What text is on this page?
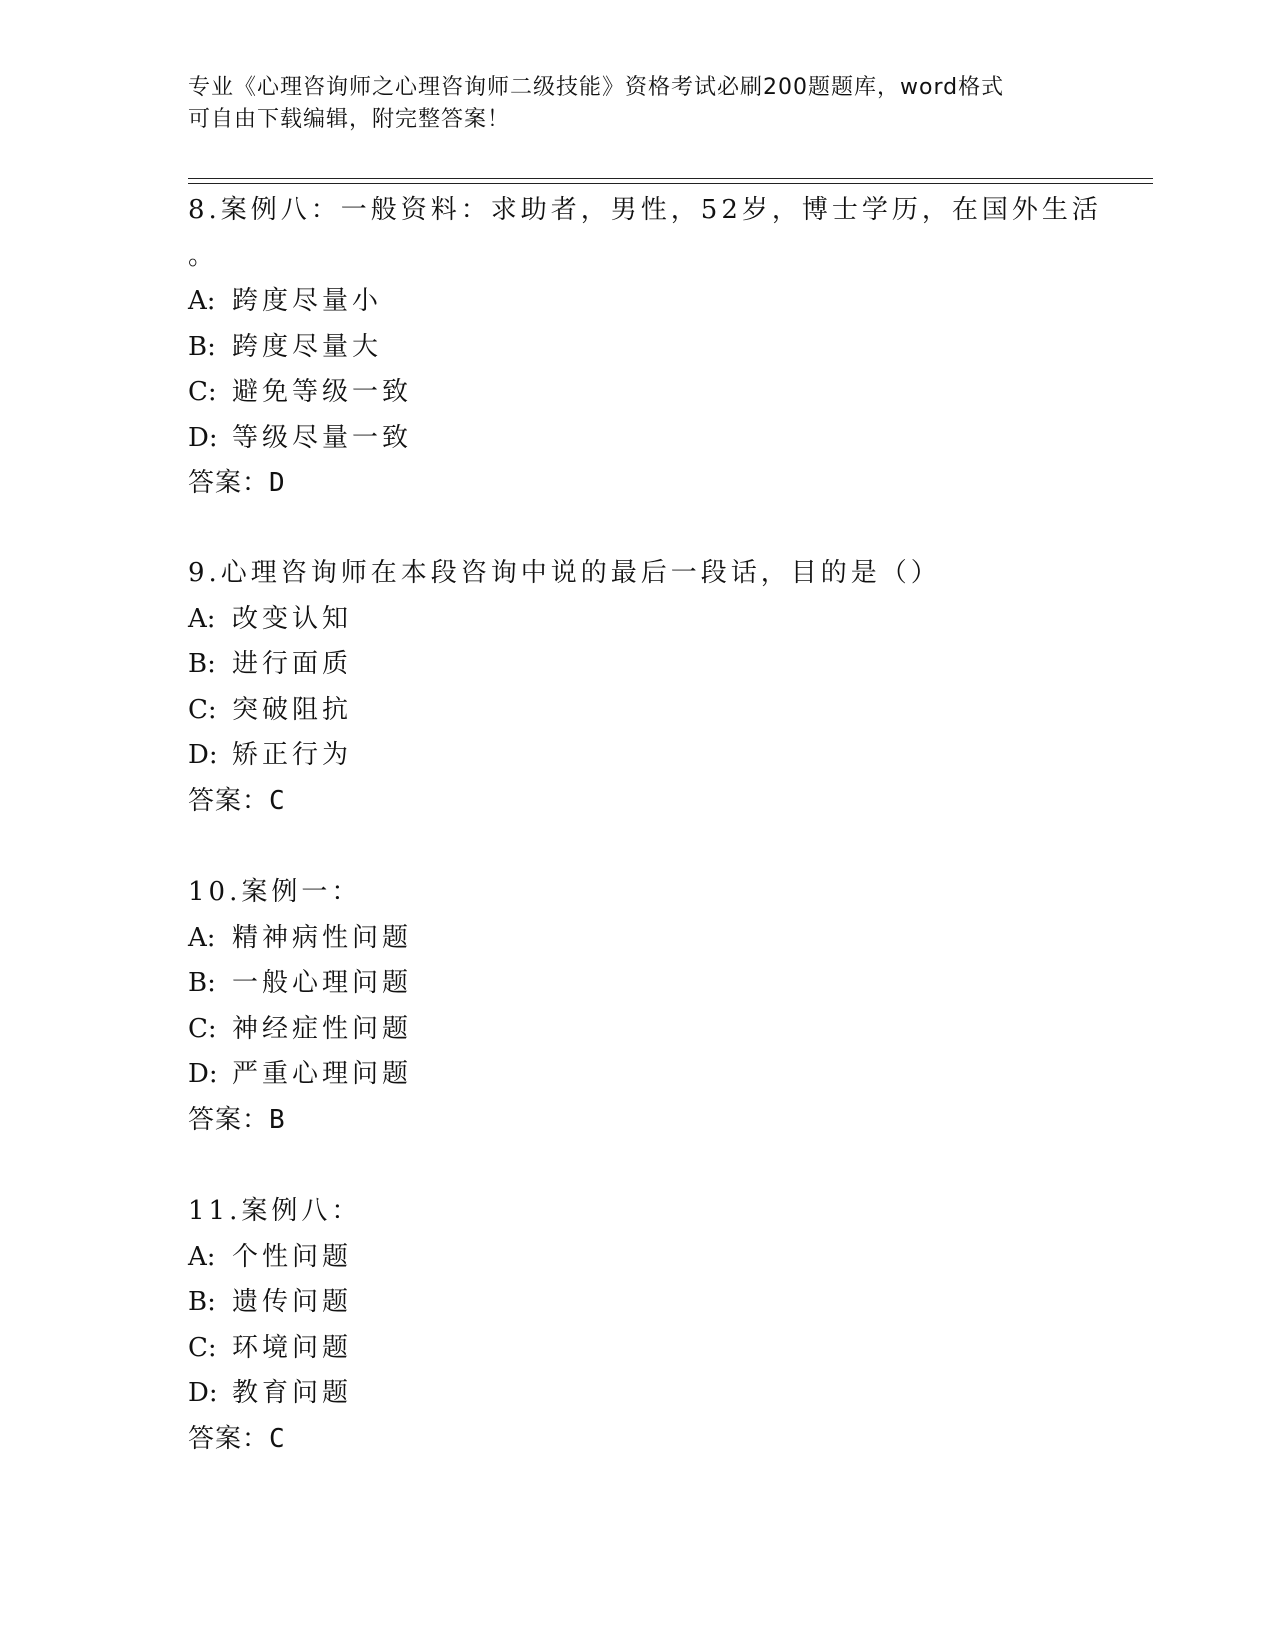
专业《心理咨询师之心理咨询师二级技能》资格考试必刷200题题库，word格式
可自由下载编辑，附完整答案！
8.案例八：一般资料：求助者，男性，52岁，博士学历，在国外生活
。
A: 跨度尽量小
B: 跨度尽量大
C: 避免等级一致
D: 等级尽量一致
答案：D
9.心理咨询师在本段咨询中说的最后一段话，目的是（）
A: 改变认知
B: 进行面质
C: 突破阻抗
D: 矫正行为
答案：C
10.案例一：
A: 精神病性问题
B: 一般心理问题
C: 神经症性问题
D: 严重心理问题
答案：B
11.案例八：
A: 个性问题
B: 遗传问题
C: 环境问题
D: 教育问题
答案：C
